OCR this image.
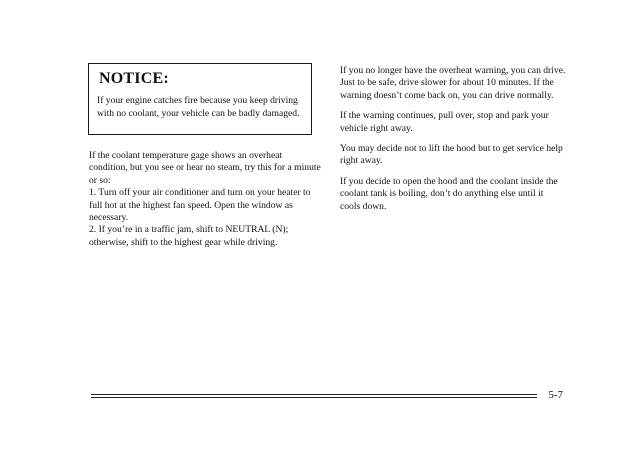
NOTICE:

If your engine catches fire because you keep driving with no coolant, your vehicle can be badly damaged.

If the coolant temperature gage shows an overheat condition, but you see or hear no steam, try this for a minute or so:

1. Turn off your air conditioner and turn on your heater to full hot at the highest fan speed. Open the window as necessary.

2. If you’re in a traffic jam, shift to NEUTRAL (N); otherwise, shift to the highest gear while driving.

If you no longer have the overheat warning, you can drive. Just to be safe, drive slower for about 10 minutes. If the warning doesn’t come back on, you can drive normally.

If the warning continues, pull over, stop and park your vehicle right away.

You may decide not to lift the hood but to get service help right away.

If you decide to open the hood and the coolant inside the coolant tank is boiling, don’t do anything else until it cools down.

5-7
